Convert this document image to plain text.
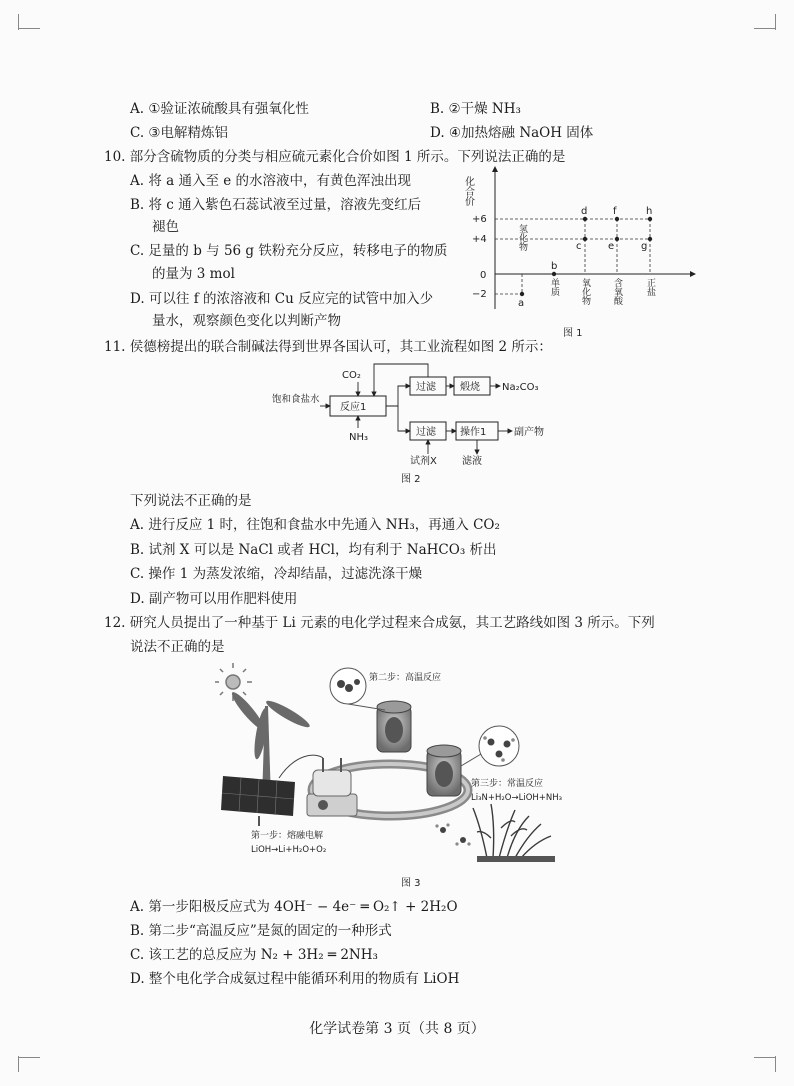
A. ①验证浓硫酸具有强氧化性	B. ②干燥 NH₃
C. ③电解精炼铝	D. ④加热熔融 NaOH 固体
10. 部分含硫物质的分类与相应硫元素化合价如图 1 所示。下列说法正确的是
A. 将 a 通入至 e 的水溶液中，有黄色浑浊出现
B. 将 c 通入紫色石蕊试液至过量，溶液先变红后
褪色
C. 足量的 b 与 56 g 铁粉充分反应，转移电子的物质
的量为 3 mol
D. 可以往 f 的浓溶液和 Cu 反应完的试管中加入少
量水，观察颜色变化以判断产物
化合价
+6
+4
0
−2
a
b
c
d
e
f
g
h
氢化物
单质 氧化物 含氧酸	正盐
图 1
11. 侯德榜提出的联合制碱法得到世界各国认可，其工业流程如图 2 所示：
CO₂
饱和食盐水
反应1
NH₃
过滤 煅烧 Na₂CO₃
过滤 操作1	副产物
试剂X	滤液
图 2
下列说法不正确的是
A. 进行反应 1 时，往饱和食盐水中先通入 NH₃，再通入 CO₂
B. 试剂 X 可以是 NaCl 或者 HCl，均有利于 NaHCO₃ 析出
C. 操作 1 为蒸发浓缩，冷却结晶，过滤洗涤干燥
D. 副产物可以用作肥料使用
12. 研究人员提出了一种基于 Li 元素的电化学过程来合成氨，其工艺路线如图 3 所示。下列
说法不正确的是
第二步：高温反应
第三步：常温反应
Li₃N+H₂O→LiOH+NH₃
第一步：熔融电解
LiOH→Li+H₂O+O₂
图 3
A. 第一步阳极反应式为 4OH⁻ − 4e⁻ ═ O₂↑ + 2H₂O
B. 第二步“高温反应”是氮的固定的一种形式
C. 该工艺的总反应为 N₂ + 3H₂ ═ 2NH₃
D. 整个电化学合成氨过程中能循环利用的物质有 LiOH
化学试卷第 3 页（共 8 页）
